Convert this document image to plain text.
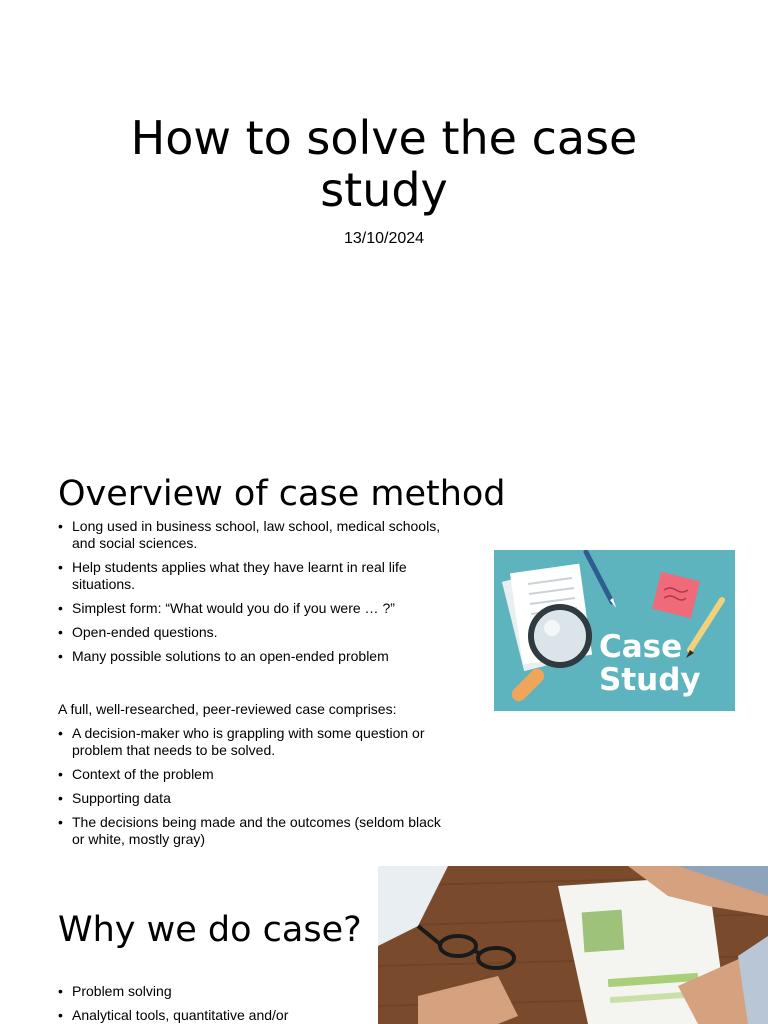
How to solve the case study
13/10/2024
Overview of case method
• Long used in business school, law school, medical schools, and social sciences.
• Help students applies what they have learnt in real life situations.
• Simplest form: “What would you do if you were … ?”
• Open-ended questions.
• Many possible solutions to an open-ended problem
A full, well-researched, peer-reviewed case comprises:
• A decision-maker who is grappling with some question or problem that needs to be solved.
• Context of the problem
• Supporting data
• The decisions being made and the outcomes (seldom black or white, mostly gray)
Case
Study
Why we do case?
• Problem solving
• Analytical tools, quantitative and/or
